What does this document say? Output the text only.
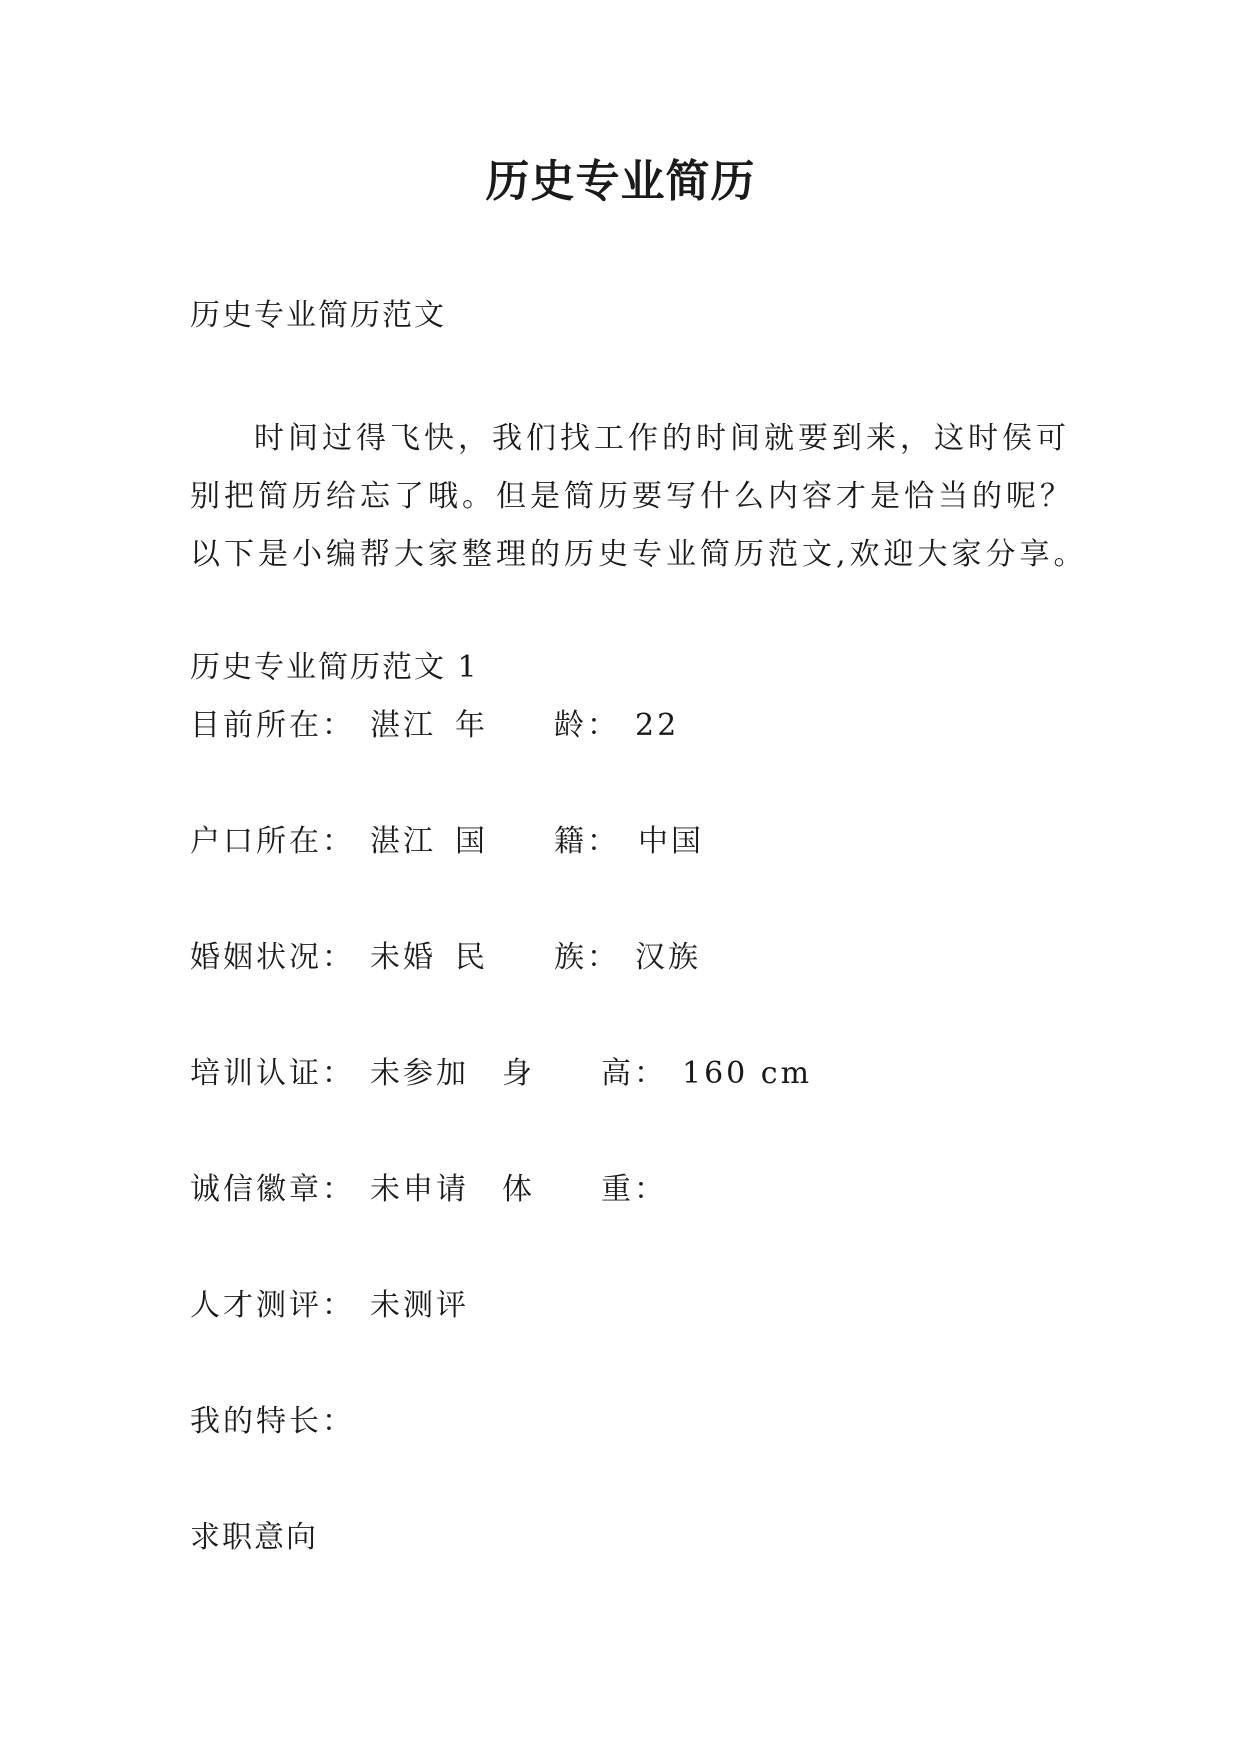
历史专业简历
历史专业简历范文
时间过得飞快，我们找工作的时间就要到来，这时侯可
别把简历给忘了哦。但是简历要写什么内容才是恰当的呢？
以下是小编帮大家整理的历史专业简历范文,欢迎大家分享。
历史专业简历范文 1

目前所在：

湛江

年　　龄：

22

户口所在：

湛江

国　　籍：

中国

婚姻状况：

未婚

民　　族：

汉族

培训认证：

未参加

身　　高：

160 cm

诚信徽章：

未申请

体　　重：

人才测评：

未测评

我的特长：

求职意向
